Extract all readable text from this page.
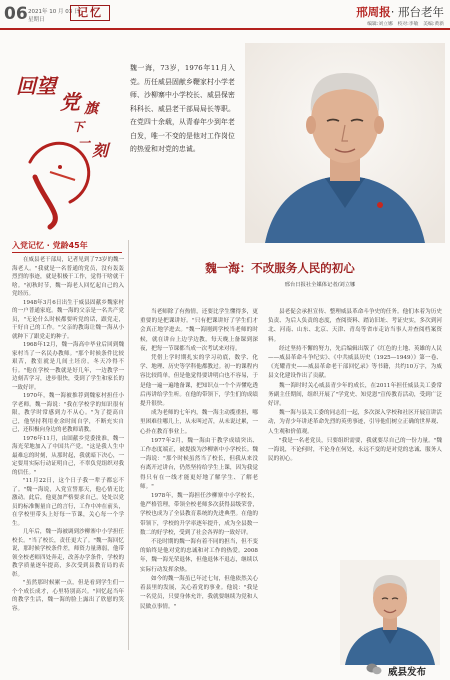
06 2021年 10 月 03 日
星期日
记忆	邢周报· 邢台老年
编辑:刘立娜　校对:李敏　美编:黄新
回 望
党 旗
下
一 刻
魏一海，73岁，1976年11月入党。历任威县固献乡鞭家村小学老师、沙柳寨中小学校长、威县保密科科长、威县老干部局局长等职。在党四十余载，从青春年少到年老白发，唯一不变的是他对工作岗位的热爱和对党的忠诚。
魏一海：不改服务人民的初心
邢台日报社全媒体记者/刘立娜
入党记忆 · 党龄45年

在威县老干部局，记者见到了73岁的魏一海老人。"我就是一名普通的党员，没有轰轰烈烈的事迹，就是积极干工作，觉得干啥就干啥。"初秋时节，魏一海老人回忆起自己的入党经历。

1948年3月6日出生于威县固献乡魏家村的一户普通家庭。魏一海的父亲是一名共产党员，"无论什么时候都要听党的话，跟党走，干好自己的工作。"父亲的教诲让魏一海从小就种下了跟党走的种子。

1968年12月，魏一海高中毕业后回到魏家村当了一名民办教师。"那个时候条件比较艰苦，教室就是几间土坯房，冬天冷得不行。"他在学校一教就是好几年，一边教学一边刻苦学习，进步很快，受到了学生和家长的一致好评。

1970年，魏一海被推荐到魏家村担任小学老师。魏一海说："我在学校学的知识很有限，教学时常感到力不从心。"为了提高自己，他坚持利用业余时间自学，不断充实自己，还积极向身边的老教师请教。

1976年11月，由固献乡党委批准，魏一海光荣地加入了中国共产党。"这是我人生中最难忘的时刻，从那时起，我就暗下决心，一定要用实际行动证明自己，不辜负党组织对我的信任。"

"11月22日，这个日子我一辈子都忘不了。"魏一海说，入党宣誓那天，他心情无比激动。此后，他更加严格要求自己，处处以党员的标准衡量自己的言行，工作中冲在前头，在学校里带头上好每一节课，关心每一个学生。

几年后，魏一海被调到沙柳寨中小学担任校长。"当了校长，责任更大了。"魏一海回忆说，那时候学校条件差，师资力量薄弱，他带领全校老师四处奔走，改善办学条件，学校的教学质量逐年提高，多次受到县教育局的表彰。

"虽然那时候累一点，但是看到学生们一个个成长成才，心里特别高兴。"回忆起当年的教学生活，魏一海的脸上露出了欣慰的笑容。

当老师除了有热情，还要比学生懂得多，更重要的是把课讲好。"只有把课讲好了学生们才会真正地学进去。"魏一海刚到学校当老师的时候，就在讲台上边学边教，每天晚上备课到深夜，把每一节课都当成一次考试来对待。

凭借上学时期扎实的学习功底，数学、化学、地理、历史等学科他都教过。初一的课程内容比较简单，但是他觉得要讲明白也不容易，于是他一遍一遍地备课，把知识点一个个弄懂吃透后再讲给学生听。在他的带领下，学生们的成绩提升很快。

成为老师的七年内，魏一海主动揽重担，哪里困难往哪儿上，从未叫过苦，从未说过累，一心扑在教育事业上。

1977年2月，魏一海由于教学成绩突出、工作态度端正，被提拔为沙柳寨中小学校长。魏一海说："那个时候虽然当了校长，但我从来没有离开过讲台，仍然坚持给学生上课，因为我觉得只有在一线才能更好地了解学生、了解老师。"

1978年，魏一海担任沙柳寨中小学校长，他严格管理，带领全校老师多次获得县级荣誉，学校也成为了全县教育系统的先进典型。在他的带领下，学校的升学率逐年提升，成为全县数一数二的好学校，受到了社会各界的一致好评。

不论时期的魏一海有着不同的担当，但不变的始终是他对党的忠诚和对工作的热爱。2008年，魏一海光荣退休，但他退休不退志，继续以实际行动发挥余热。

如今的魏一海虽已年过七旬，但他依然关心着县里的发展，关心着党的事业。他说："我是一名党员，只要身体允许，我就要继续为党和人民做点事情。"

县老促会承担宣传、整理威县革命斗争史的任务。他们本着为历史负责、为后人负责的态度，查阅资料、踏访旧址、考证史实，多次到河北、河南、山东、北京、天津、青岛等省市走访当事人并查阅档案资料。

经过坚持不懈的努力，先后编辑出版了《红色的土地、英雄的人民——威县革命斗争纪实》、《中共威县历史（1925—1949）》第一卷、《光耀青史——威县革命老干部回忆录》等书籍，共约10万字，为威县文化建设作出了贡献。

魏一海时时关心威县青少年的成长，在2011年担任威县关工委常务副主任期间，组织开展了"学党史、知党恩"宣传教育活动，受到广泛好评。

魏一海与县关工委的同志们一起，多次深入学校和社区开展宣讲活动，为青少年讲述革命先烈的英勇事迹，引导他们树立正确的世界观、人生观和价值观。

"我是一名老党员，只要组织需要，我就要尽自己的一份力量。"魏一海说，不论何时，不论身在何处，永远不变的是对党的忠诚、服务人民的初心。

威县发布
